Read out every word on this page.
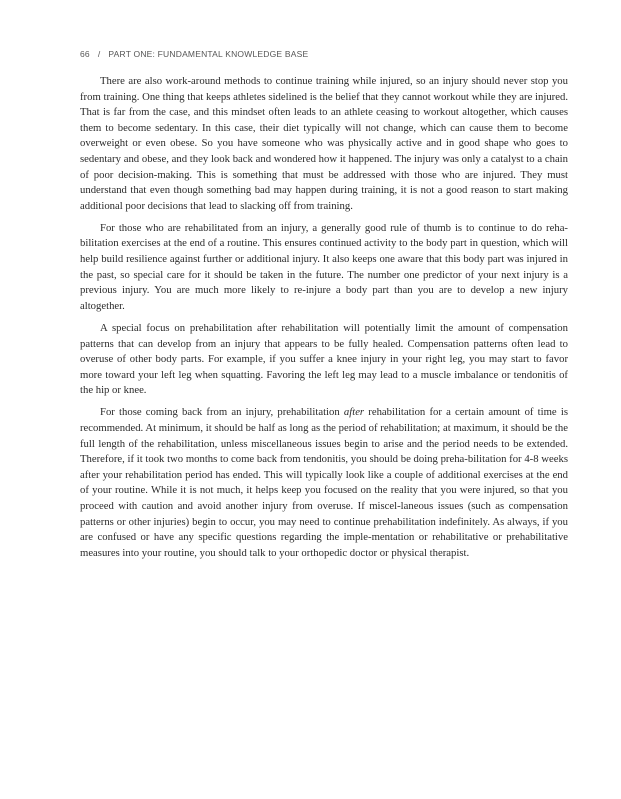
66 / PART ONE: FUNDAMENTAL KNOWLEDGE BASE

There are also work-around methods to continue training while injured, so an injury should never stop you from training. One thing that keeps athletes sidelined is the belief that they cannot workout while they are injured. That is far from the case, and this mindset often leads to an athlete ceasing to workout altogether, which causes them to become sedentary. In this case, their diet typically will not change, which can cause them to become overweight or even obese. So you have someone who was physically active and in good shape who goes to sedentary and obese, and they look back and wondered how it happened. The injury was only a catalyst to a chain of poor decision-making. This is something that must be addressed with those who are injured. They must understand that even though something bad may happen during training, it is not a good reason to start making additional poor decisions that lead to slacking off from training.

For those who are rehabilitated from an injury, a generally good rule of thumb is to continue to do reha-bilitation exercises at the end of a routine. This ensures continued activity to the body part in question, which will help build resilience against further or additional injury. It also keeps one aware that this body part was injured in the past, so special care for it should be taken in the future. The number one predictor of your next injury is a previous injury. You are much more likely to re-injure a body part than you are to develop a new injury altogether.

A special focus on prehabilitation after rehabilitation will potentially limit the amount of compensation patterns that can develop from an injury that appears to be fully healed. Compensation patterns often lead to overuse of other body parts. For example, if you suffer a knee injury in your right leg, you may start to favor more toward your left leg when squatting. Favoring the left leg may lead to a muscle imbalance or tendonitis of the hip or knee.

For those coming back from an injury, prehabilitation after rehabilitation for a certain amount of time is recommended. At minimum, it should be half as long as the period of rehabilitation; at maximum, it should be the full length of the rehabilitation, unless miscellaneous issues begin to arise and the period needs to be extended. Therefore, if it took two months to come back from tendonitis, you should be doing preha-bilitation for 4-8 weeks after your rehabilitation period has ended. This will typically look like a couple of additional exercises at the end of your routine. While it is not much, it helps keep you focused on the reality that you were injured, so that you proceed with caution and avoid another injury from overuse. If miscel-laneous issues (such as compensation patterns or other injuries) begin to occur, you may need to continue prehabilitation indefinitely. As always, if you are confused or have any specific questions regarding the imple-mentation or rehabilitative or prehabilitative measures into your routine, you should talk to your orthopedic doctor or physical therapist.
